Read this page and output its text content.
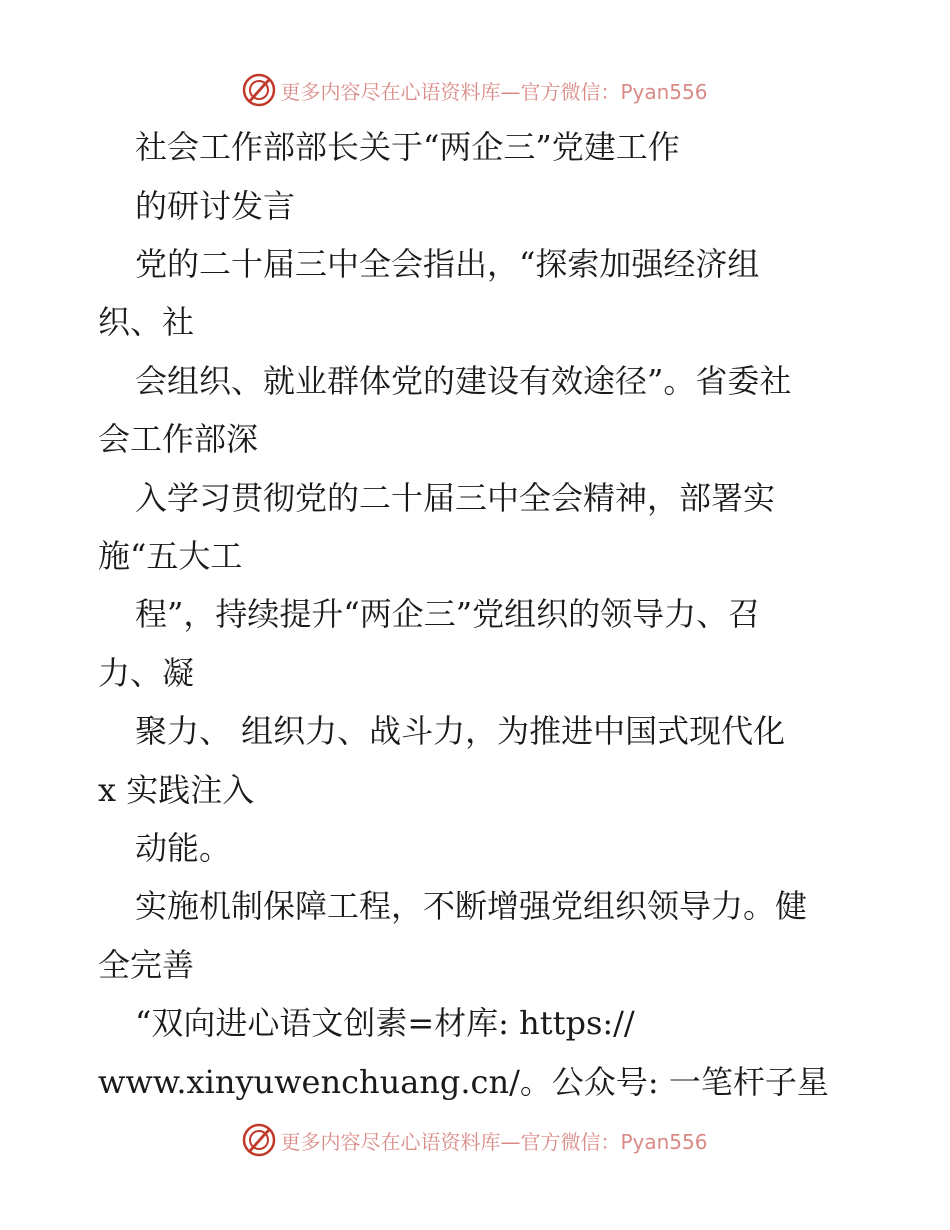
更多内容尽在心语资料库—官方微信：Pyan556
社会工作部部长关于“两企三”党建工作
的研讨发言
党的二十届三中全会指出，“探索加强经济组
织、社
会组织、就业群体党的建设有效途径”。省委社
会工作部深
入学习贯彻党的二十届三中全会精神，部署实
施“五大工
程”，持续提升“两企三”党组织的领导力、召
力、凝
聚力、 组织力、战斗力，为推进中国式现代化
x 实践注入
动能。
实施机制保障工程，不断增强党组织领导力。健
全完善
“双向进心语文创素=材库: https://
www.xinyuwenchuang.cn/。公众号: 一笔杆子星
更多内容尽在心语资料库—官方微信：Pyan556
